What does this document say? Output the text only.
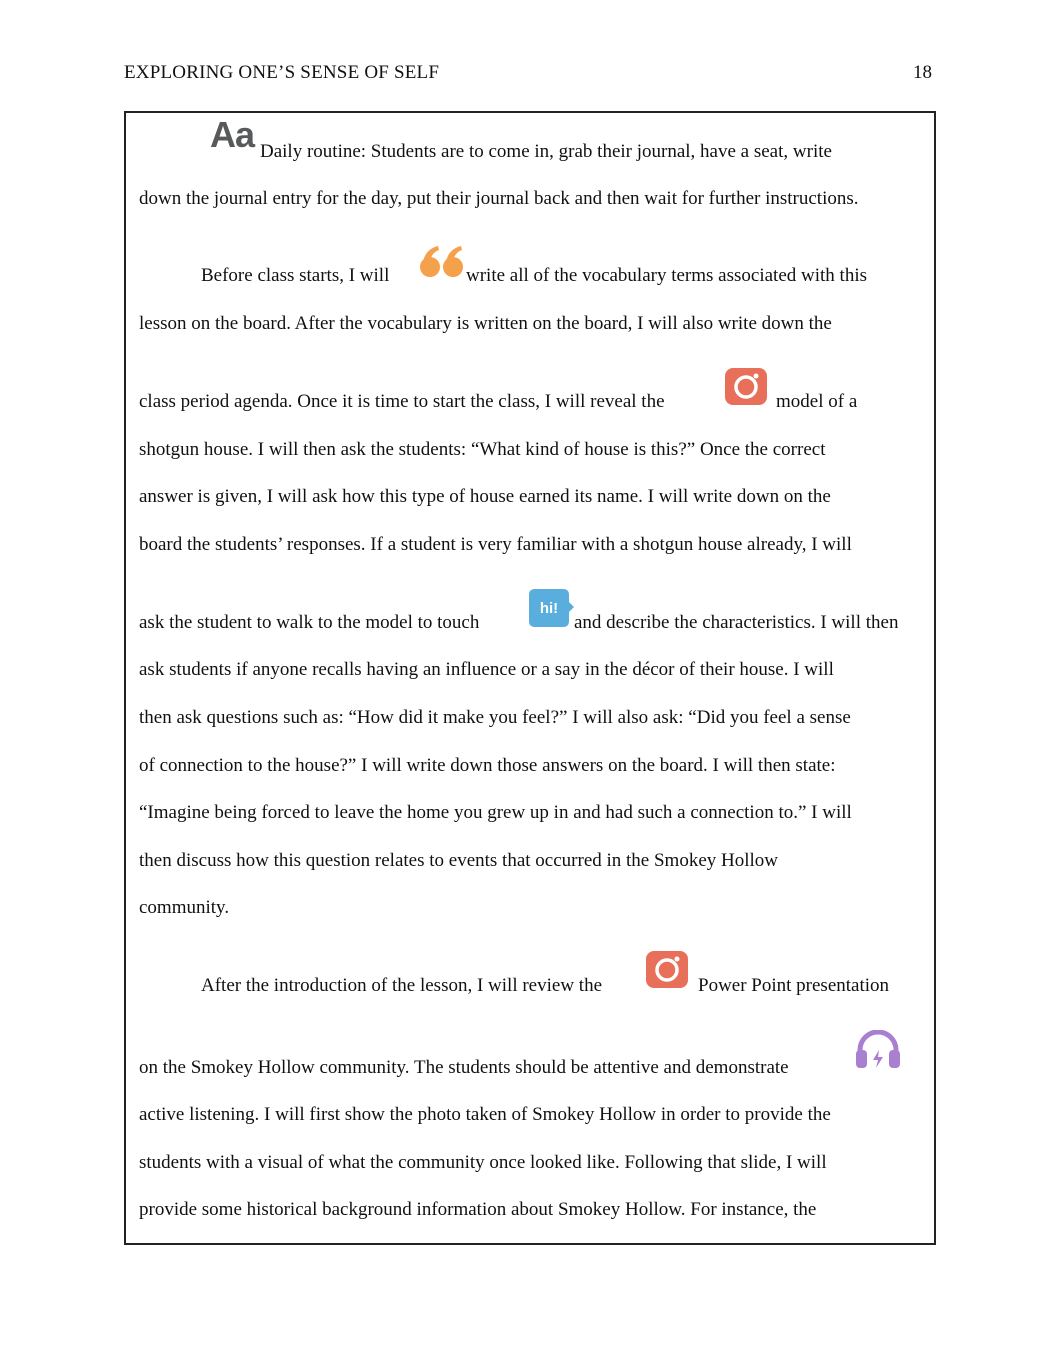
EXPLORING ONE’S SENSE OF SELF	18
Aa
hi!
Daily routine: Students are to come in, grab their journal, have a seat, write
down the journal entry for the day, put their journal back and then wait for further instructions.
Before class starts, I will	write all of the vocabulary terms associated with this
lesson on the board. After the vocabulary is written on the board, I will also write down the
class period agenda. Once it is time to start the class, I will reveal the	model of a
shotgun house. I will then ask the students: “What kind of house is this?” Once the correct
answer is given, I will ask how this type of house earned its name. I will write down on the
board the students’ responses. If a student is very familiar with a shotgun house already, I will
ask the student to walk to the model to touch	and describe the characteristics. I will then
ask students if anyone recalls having an influence or a say in the décor of their house. I will
then ask questions such as: “How did it make you feel?” I will also ask: “Did you feel a sense
of connection to the house?” I will write down those answers on the board. I will then state:
“Imagine being forced to leave the home you grew up in and had such a connection to.” I will
then discuss how this question relates to events that occurred in the Smokey Hollow
community.
After the introduction of the lesson, I will review the	Power Point presentation
on the Smokey Hollow community. The students should be attentive and demonstrate
active listening. I will first show the photo taken of Smokey Hollow in order to provide the
students with a visual of what the community once looked like. Following that slide, I will
provide some historical background information about Smokey Hollow. For instance, the
